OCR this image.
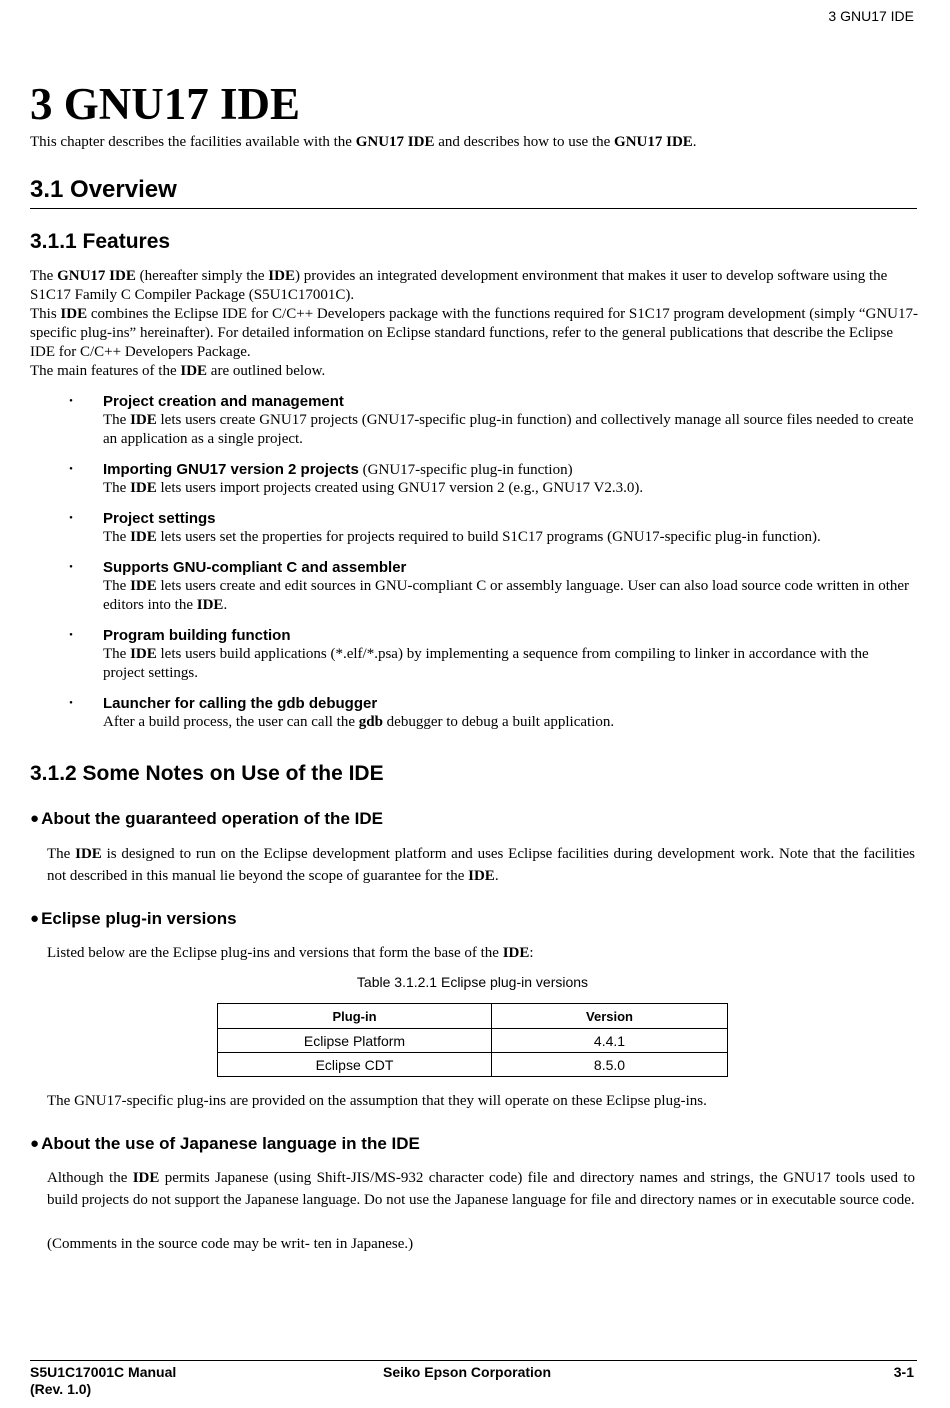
3 GNU17 IDE
3 GNU17 IDE

This chapter describes the facilities available with the GNU17 IDE and describes how to use the GNU17 IDE.

3.1 Overview
3.1.1 Features

The GNU17 IDE (hereafter simply the IDE) provides an integrated development environment that makes it user to develop software using the S1C17 Family C Compiler Package (S5U1C17001C).
This IDE combines the Eclipse IDE for C/C++ Developers package with the functions required for S1C17 program development (simply “GNU17-specific plug-ins” hereinafter). For detailed information on Eclipse standard functions, refer to the general publications that describe the Eclipse IDE for C/C++ Developers Package.
The main features of the IDE are outlined below.

・ Project creation and management
The IDE lets users create GNU17 projects (GNU17-specific plug-in function) and collectively manage all source files needed to create an application as a single project.
・ Importing GNU17 version 2 projects (GNU17-specific plug-in function)
The IDE lets users import projects created using GNU17 version 2 (e.g., GNU17 V2.3.0).
・ Project settings
The IDE lets users set the properties for projects required to build S1C17 programs (GNU17-specific plug-in function).
・ Supports GNU-compliant C and assembler
The IDE lets users create and edit sources in GNU-compliant C or assembly language. User can also load source code written in other editors into the IDE.
・ Program building function
The IDE lets users build applications (*.elf/*.psa) by implementing a sequence from compiling to linker in accordance with the project settings.
・ Launcher for calling the gdb debugger
After a build process, the user can call the gdb debugger to debug a built application.
3.1.2 Some Notes on Use of the IDE
● About the guaranteed operation of the IDE

The IDE is designed to run on the Eclipse development platform and uses Eclipse facilities during development work. Note that the facilities not described in this manual lie beyond the scope of guarantee for the IDE.

● Eclipse plug-in versions

Listed below are the Eclipse plug-ins and versions that form the base of the IDE:

Table 3.1.2.1 Eclipse plug-in versions
Plug-in	Version
Eclipse Platform	4.4.1
Eclipse CDT	8.5.0

The GNU17-specific plug-ins are provided on the assumption that they will operate on these Eclipse plug-ins.

● About the use of Japanese language in the IDE

Although the IDE permits Japanese (using Shift-JIS/MS-932 character code) file and directory names and strings, the GNU17 tools used to build projects do not support the Japanese language. Do not use the Japanese language for file and directory names or in executable source code.

(Comments in the source code may be writ- ten in Japanese.)

S5U1C17001C Manual
(Rev. 1.0)
Seiko Epson Corporation	3-1
